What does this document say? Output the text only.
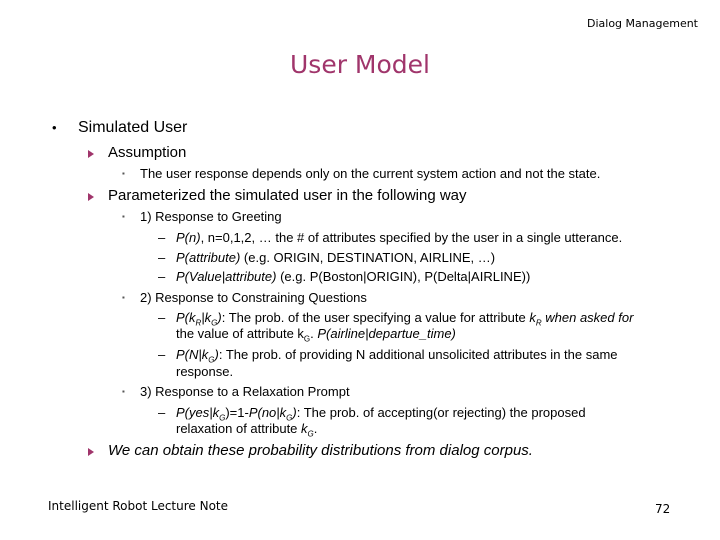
Dialog Management
User Model
• Simulated User
Assumption
▪ The user response depends only on the current system action and not the state.
Parameterized the simulated user in the following way
▪ 1) Response to Greeting
– P(n), n=0,1,2, … the # of attributes specified by the user in a single utterance.
– P(attribute) (e.g. ORIGIN, DESTINATION, AIRLINE, …)
– P(Value|attribute) (e.g. P(Boston|ORIGIN), P(Delta|AIRLINE))
▪ 2) Response to Constraining Questions
– $P(k_R|k_G)$: The prob. of the user specifying a value for attribute $k_R$ when asked for
the value of attribute $k_G$. P(airline|departue_time)
– $P(N|k_G)$: The prob. of providing N additional unsolicited attributes in the same
response.
▪ 3) Response to a Relaxation Prompt
– $P(yes|k_G)=1-P(no|k_G)$: The prob. of accepting(or rejecting) the proposed
relaxation of attribute $k_G$.
We can obtain these probability distributions from dialog corpus.
Intelligent Robot Lecture Note	72
